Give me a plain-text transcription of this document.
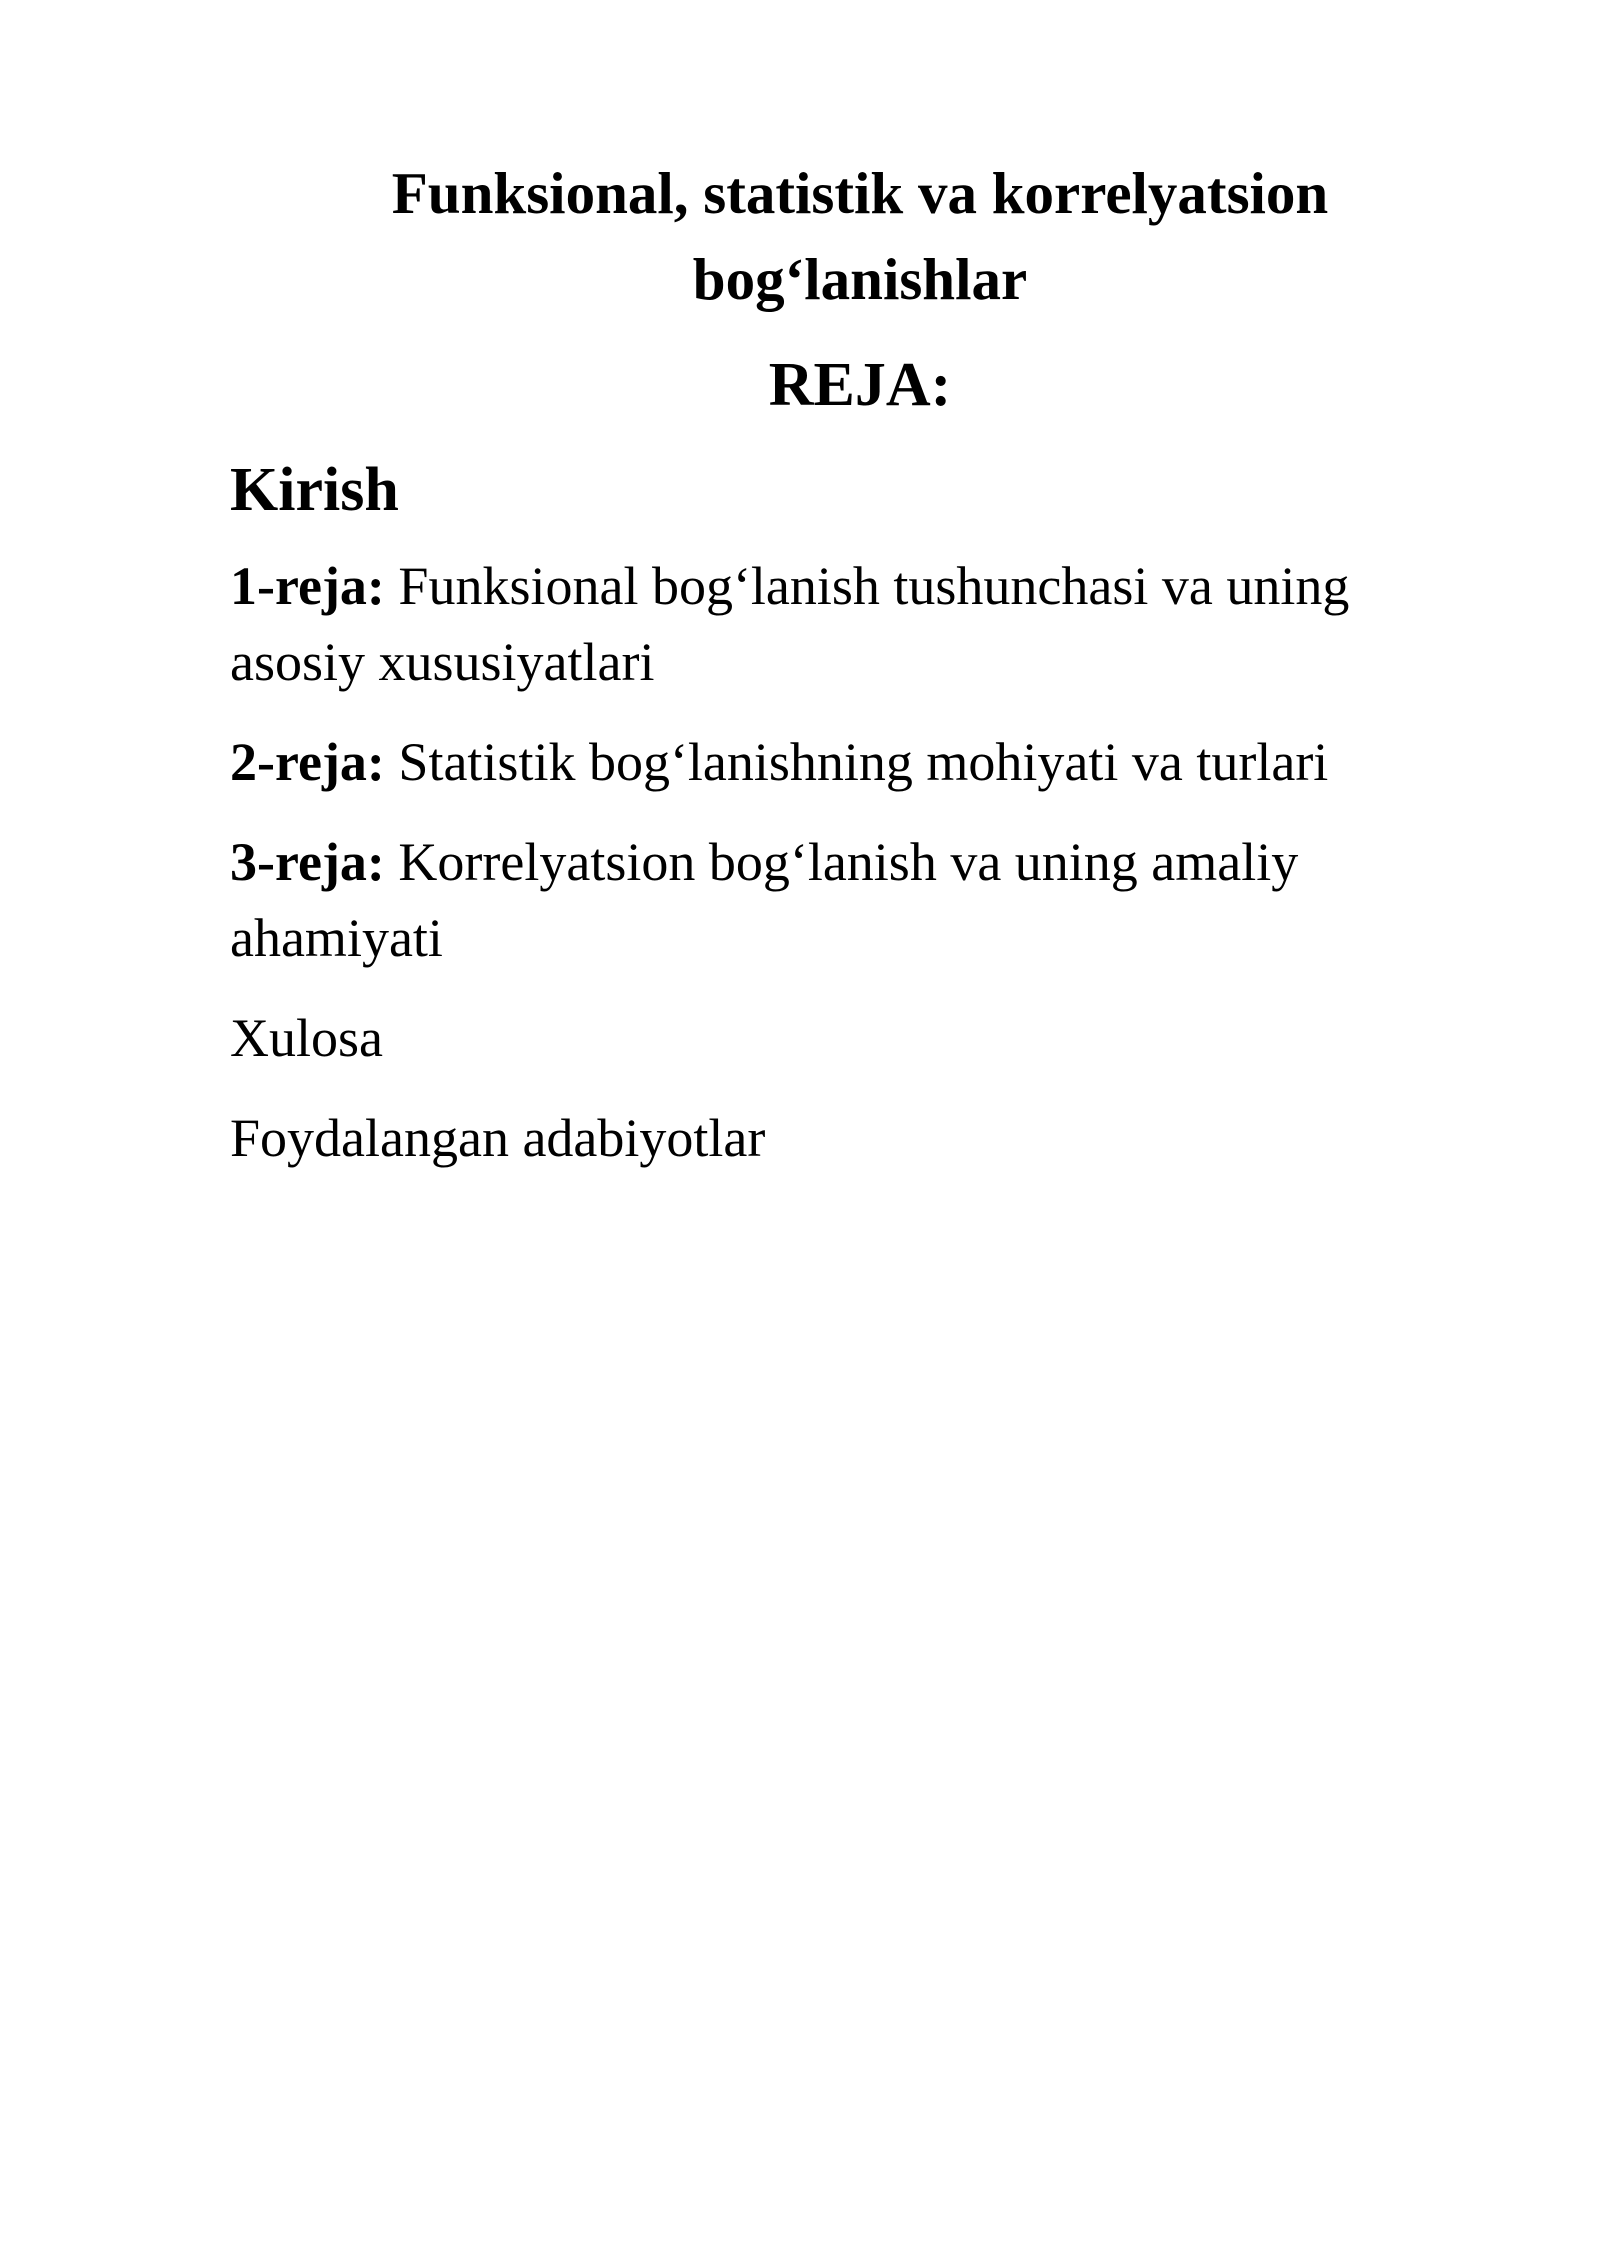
Funksional, statistik va korrelyatsion
bog‘lanishlar
REJA:

Kirish

1-reja: Funksional bog‘lanish tushunchasi va uning asosiy xususiyatlari

2-reja: Statistik bog‘lanishning mohiyati va turlari

3-reja: Korrelyatsion bog‘lanish va uning amaliy ahamiyati

Xulosa

Foydalangan adabiyotlar
